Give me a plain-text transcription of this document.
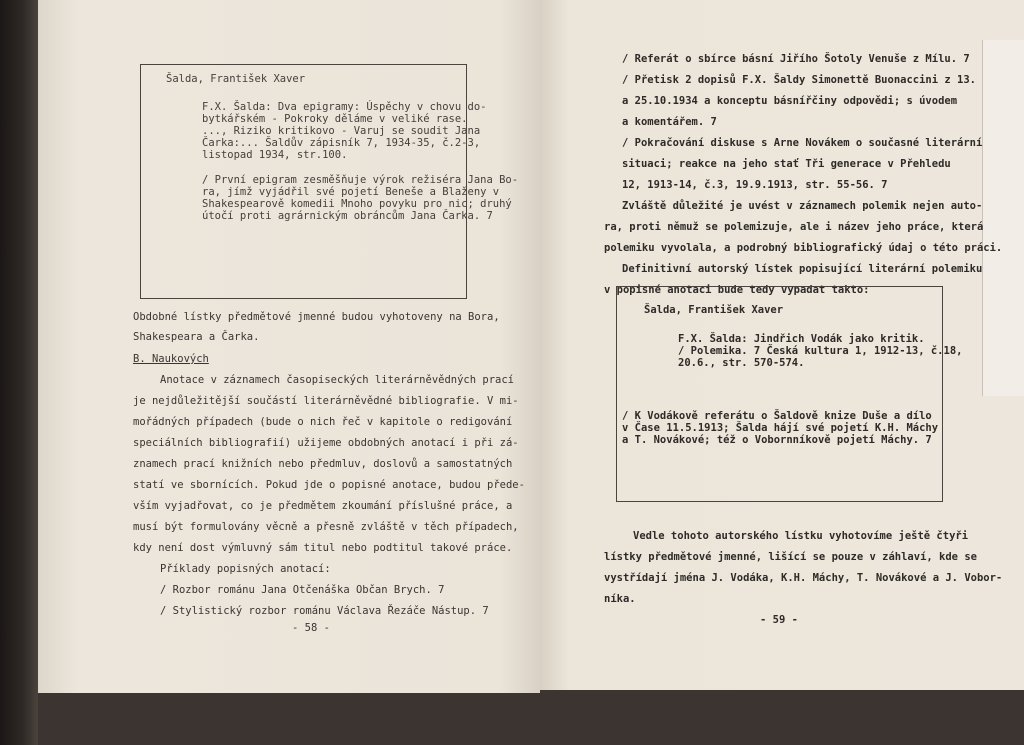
Šalda, František Xaver
F.X. Šalda: Dva epigramy: Úspěchy v chovu do-
bytkářském - Pokroky děláme v veliké rase.
..., Riziko kritikovo - Varuj se soudit Jana
Čarka:... Šaldův zápisník 7, 1934-35, č.2-3,
listopad 1934, str.100.
/ První epigram zesměšňuje výrok režiséra Jana Bo-
ra, jímž vyjádřil své pojetí Beneše a Blaženy v
Shakespearově komedii Mnoho povyku pro nic; druhý
útočí proti agrárnickým obráncům Jana Čarka. 7
Obdobné lístky předmětové jmenné budou vyhotoveny na Bora,
Shakespeara a Čarka.
B. Naukových
Anotace v záznamech časopiseckých literárněvědných prací
je nejdůležitější součástí literárněvědné bibliografie. V mi-
mořádných případech (bude o nich řeč v kapitole o redigování
speciálních bibliografií) užijeme obdobných anotací i při zá-
znamech prací knižních nebo předmluv, doslovů a samostatných
statí ve sbornících. Pokud jde o popisné anotace, budou přede-
vším vyjadřovat, co je předmětem zkoumání příslušné práce, a
musí být formulovány věcně a přesně zvláště v těch případech,
kdy není dost výmluvný sám titul nebo podtitul takové práce.
Příklady popisných anotací:
/ Rozbor románu Jana Otčenáška Občan Brych. 7
/ Stylistický rozbor románu Václava Řezáče Nástup. 7
- 58 -
/ Referát o sbírce básní Jiřího Šotoly Venuše z Mílu. 7
/ Přetisk 2 dopisů F.X. Šaldy Simonettě Buonaccini z 13.
a 25.10.1934 a konceptu básnířčiny odpovědi; s úvodem
a komentářem. 7
/ Pokračování diskuse s Arne Novákem o současné literární
situaci; reakce na jeho stať Tři generace v Přehledu
12, 1913-14, č.3, 19.9.1913, str. 55-56. 7
Zvláště důležité je uvést v záznamech polemik nejen auto-
ra, proti němuž se polemizuje, ale i název jeho práce, která
polemiku vyvolala, a podrobný bibliografický údaj o této práci.
Definitivní autorský lístek popisující literární polemiku
v popisné anotaci bude tedy vypadat takto:
Šalda, František Xaver
F.X. Šalda: Jindřich Vodák jako kritik.
/ Polemika. 7 Česká kultura 1, 1912-13, č.18,
20.6., str. 570-574.
/ K Vodákově referátu o Šaldově knize Duše a dílo
v Čase 11.5.1913; Šalda hájí své pojetí K.H. Máchy
a T. Novákové; též o Vobornníkově pojetí Máchy. 7
Vedle tohoto autorského lístku vyhotovíme ještě čtyři
lístky předmětové jmenné, lišící se pouze v záhlaví, kde se
vystřídají jména J. Vodáka, K.H. Máchy, T. Novákové a J. Vobor-
níka.
- 59 -
